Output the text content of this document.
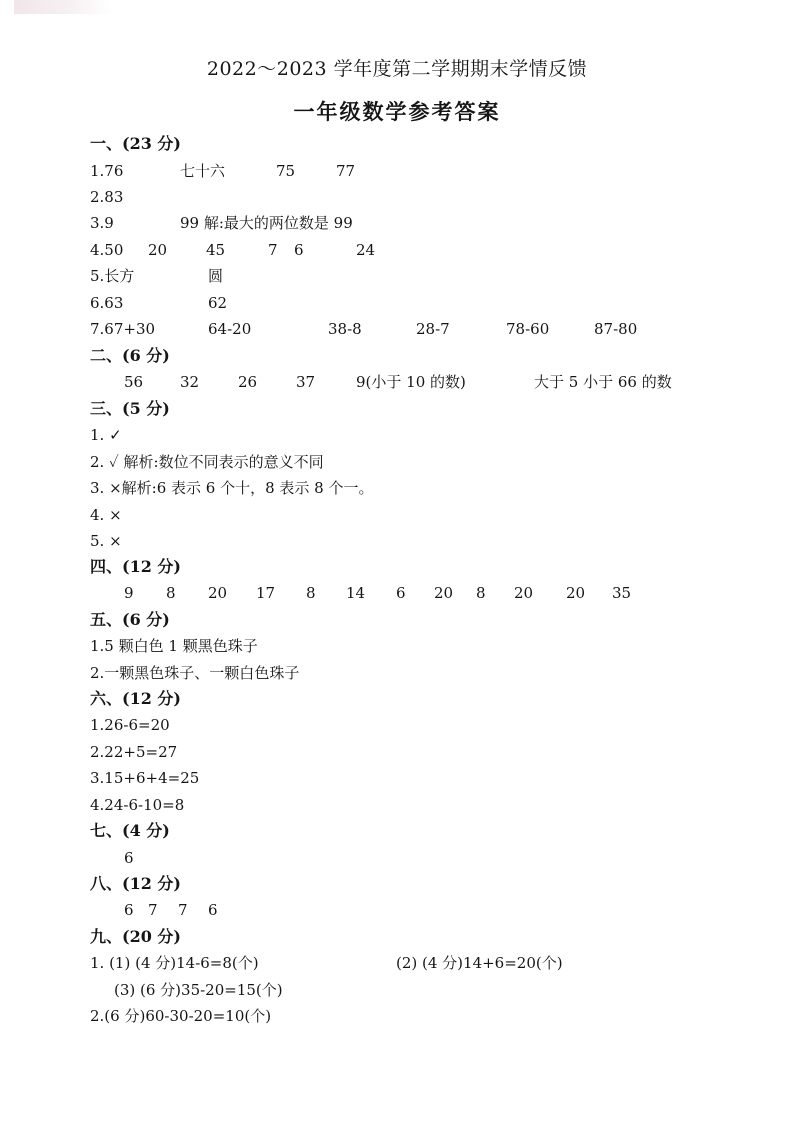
2022～2023 学年度第二学期期末学情反馈
一年级数学参考答案
一、(23 分)
1.76	七十六	75	77
2.83
3.9	99 解:最大的两位数是 99
4.50 20	45	7 6	24
5.长方	圆
6.63	62
7.67+30	64-20	38-8	28-7	78-60	87-80
二、(6 分)
56 32	26	37	9(小于 10 的数)	大于 5 小于 66 的数
三、(5 分)
1. ✓
2. ✓ 解析:数位不同表示的意义不同
3. ×解析:6 表示 6 个十，8 表示 8 个一。
4. ×
5. ×
四、(12 分)
9 8 20 17 8 14 6 20 8 20 20 35
五、(6 分)
1.5 颗白色 1 颗黑色珠子
2.一颗黑色珠子、一颗白色珠子
六、(12 分)
1.26-6=20
2.22+5=27
3.15+6+4=25
4.24-6-10=8
七、(4 分)
6
八、(12 分)
6 7 7 6
九、(20 分)
1. (1) (4 分)14-6=8(个)	(2) (4 分)14+6=20(个)
(3) (6 分)35-20=15(个)
2.(6 分)60-30-20=10(个)
